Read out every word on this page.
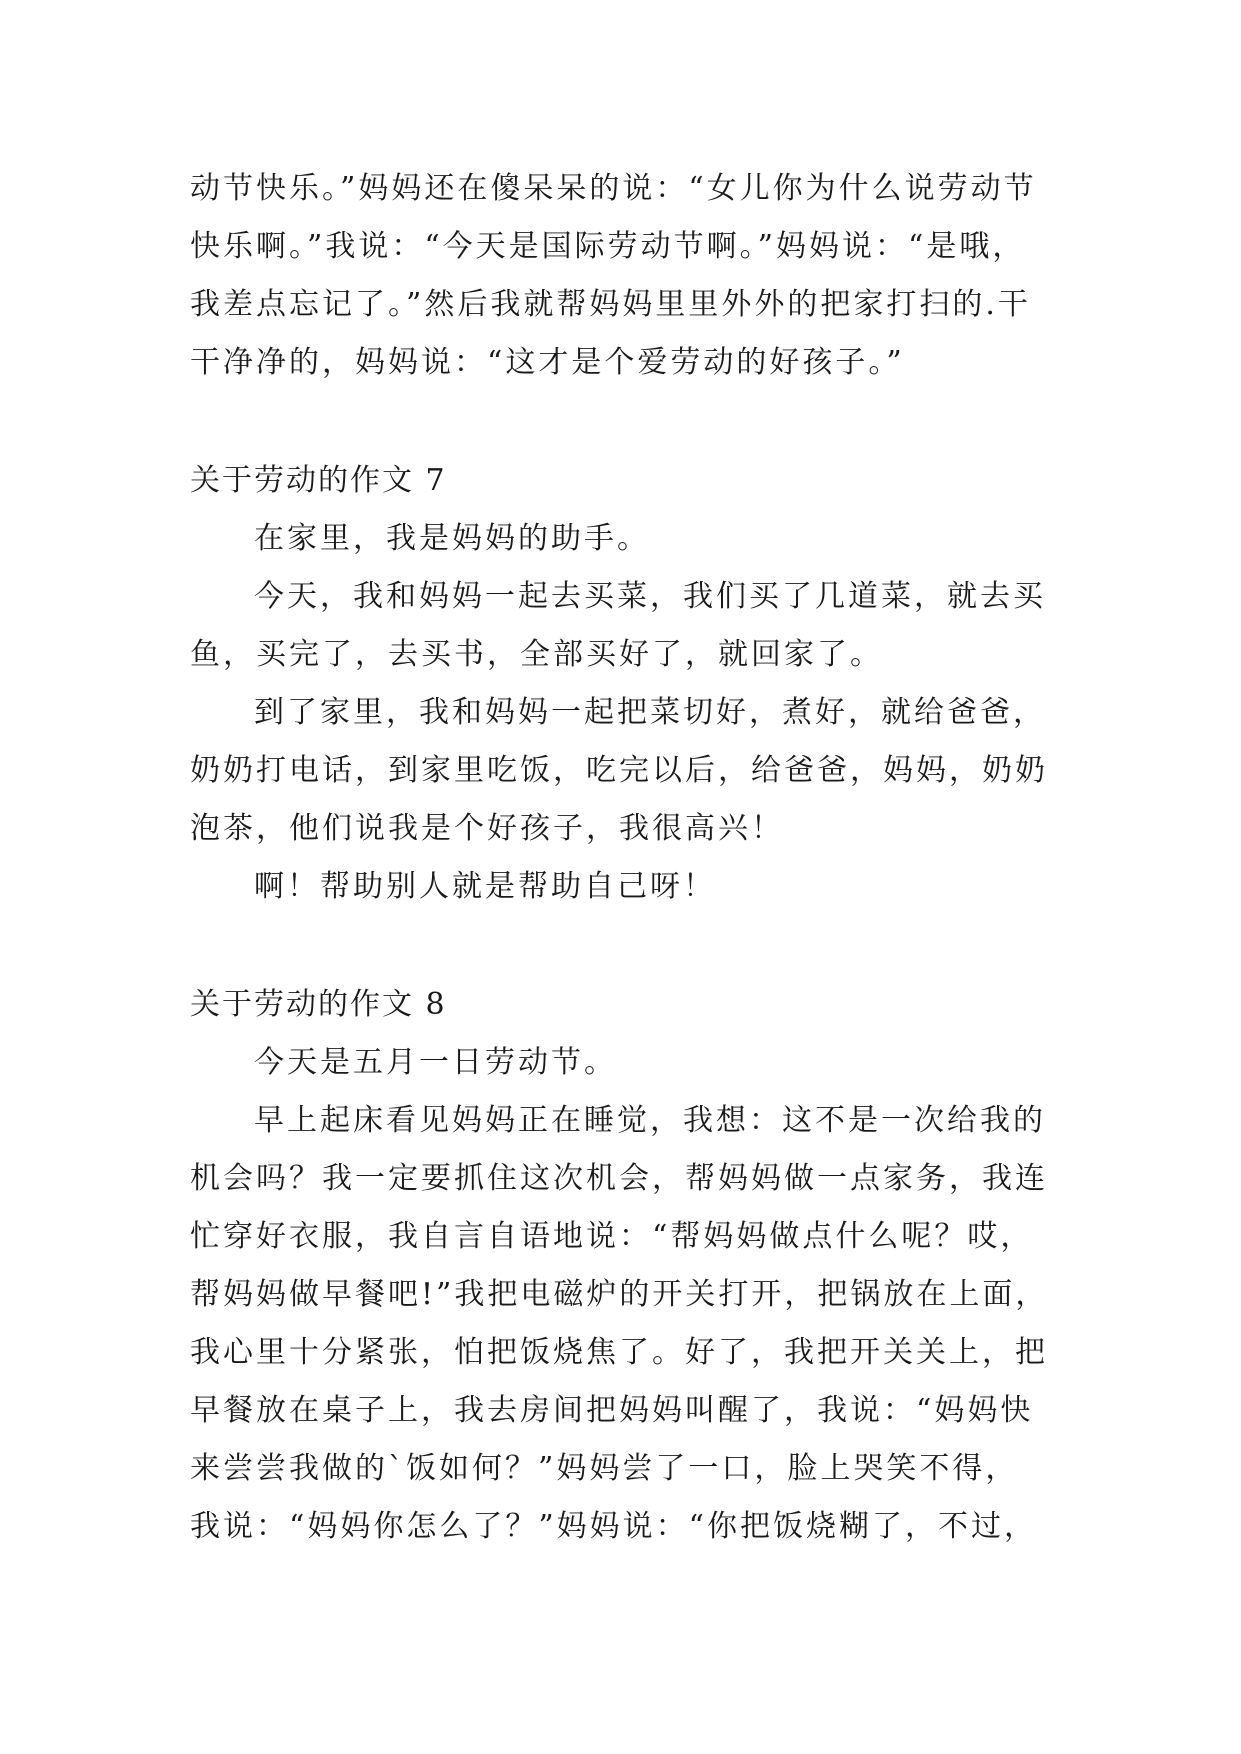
动节快乐。”妈妈还在傻呆呆的说：“女儿你为什么说劳动节
快乐啊。”我说：“今天是国际劳动节啊。”妈妈说：“是哦，
我差点忘记了。”然后我就帮妈妈里里外外的把家打扫的.干
干净净的，妈妈说：“这才是个爱劳动的好孩子。”
关于劳动的作文 7
在家里，我是妈妈的助手。
今天，我和妈妈一起去买菜，我们买了几道菜，就去买
鱼，买完了，去买书，全部买好了，就回家了。
到了家里，我和妈妈一起把菜切好，煮好，就给爸爸，
奶奶打电话，到家里吃饭，吃完以后，给爸爸，妈妈，奶奶
泡茶，他们说我是个好孩子，我很高兴！
啊！帮助别人就是帮助自己呀！
关于劳动的作文 8
今天是五月一日劳动节。
早上起床看见妈妈正在睡觉，我想：这不是一次给我的
机会吗？我一定要抓住这次机会，帮妈妈做一点家务，我连
忙穿好衣服，我自言自语地说：“帮妈妈做点什么呢？哎，
帮妈妈做早餐吧!”我把电磁炉的开关打开，把锅放在上面，
我心里十分紧张，怕把饭烧焦了。好了，我把开关关上，把
早餐放在桌子上，我去房间把妈妈叫醒了，我说：“妈妈快
来尝尝我做的`饭如何？”妈妈尝了一口，脸上哭笑不得，
我说：“妈妈你怎么了？”妈妈说：“你把饭烧糊了，不过，
